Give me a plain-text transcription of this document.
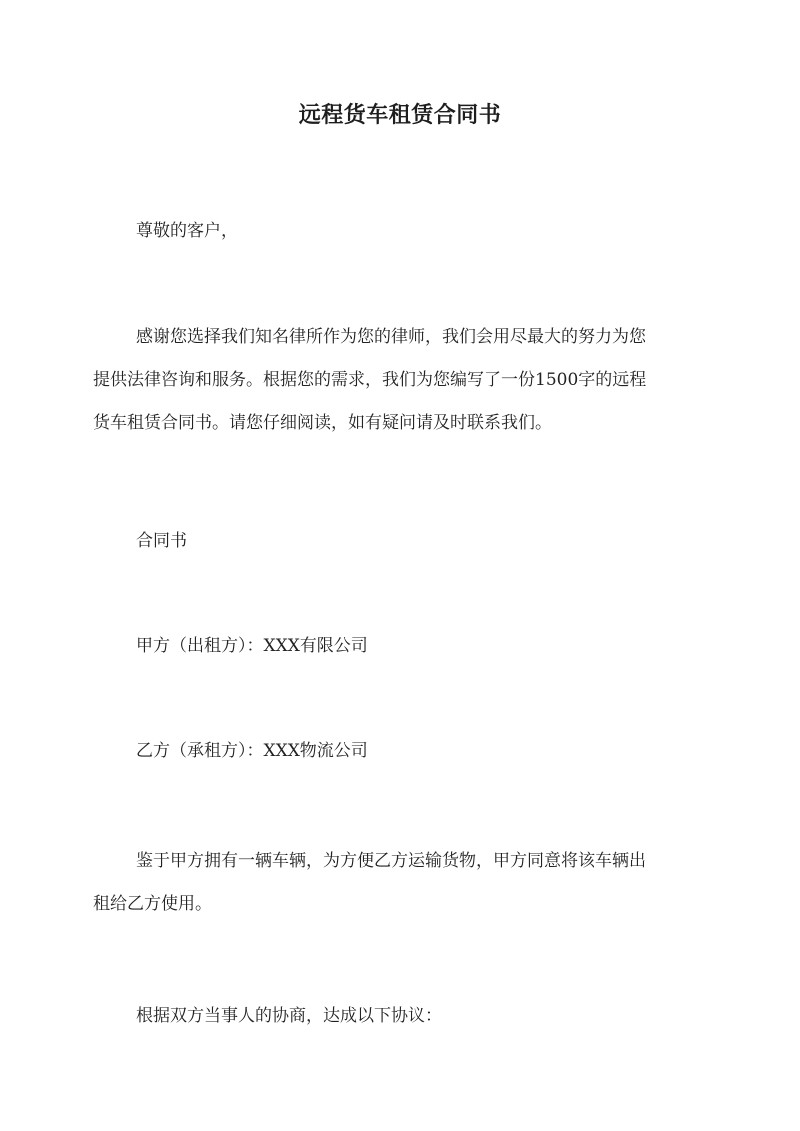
远程货车租赁合同书
尊敬的客户，
感谢您选择我们知名律所作为您的律师，我们会用尽最大的努力为您
提供法律咨询和服务。根据您的需求，我们为您编写了一份1500字的远程
货车租赁合同书。请您仔细阅读，如有疑问请及时联系我们。
合同书
甲方（出租方）：XXX有限公司
乙方（承租方）：XXX物流公司
鉴于甲方拥有一辆车辆，为方便乙方运输货物，甲方同意将该车辆出
租给乙方使用。
根据双方当事人的协商，达成以下协议：
